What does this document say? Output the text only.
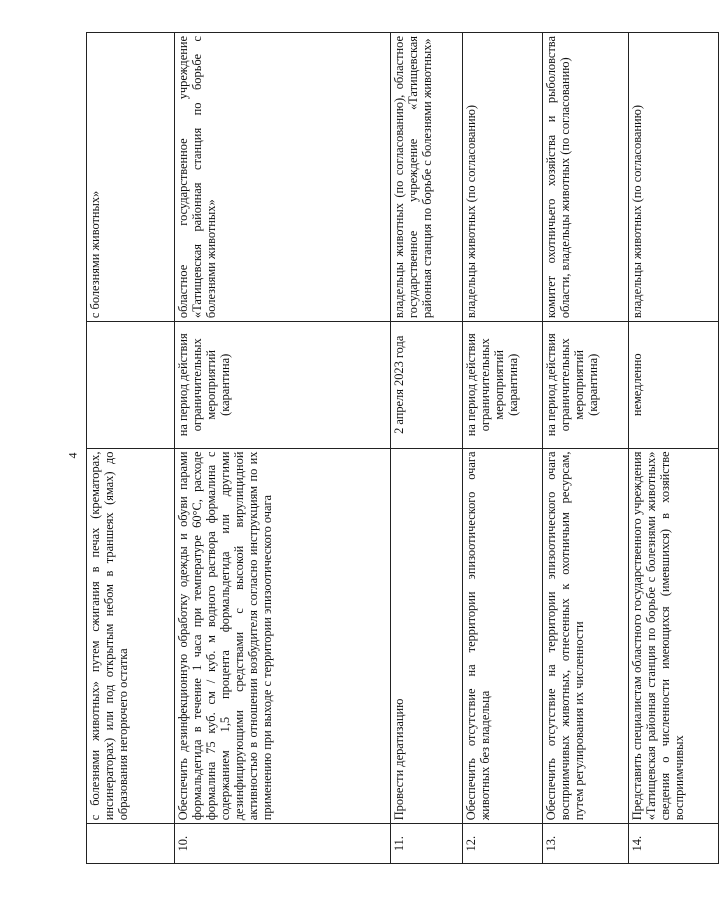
4
	с болезнями животных» путем сжигания в печах (крематорах, инсинераторах) или под открытым небом в траншеях (ямах) до образования негорючего остатка		с болезнями животных»
10.	Обеспечить дезинфекционную обработку одежды и обуви парами формальдегида в течение 1 часа при температуре 60°С, расходе формалина 75 куб. см / куб. м водного раствора формалина с содержанием 1,5 процента формальдегида или другими дезинфицирующими средствами с высокой вирулицидной активностью в отношении возбудителя согласно инструкциям по их применению при выходе с территории эпизоотического очага	на период действия ограничительных мероприятий (карантина)	областное государственное учреждение «Татищевская районная станция по борьбе с болезнями животных»
11.	Провести дератизацию	2 апреля 2023 года	владельцы животных (по согласованию), областное государственное учреждение «Татищевская районная станция по борьбе с болезнями животных»
12.	Обеспечить отсутствие на территории эпизоотического очага животных без владельца	на период действия ограничительных мероприятий (карантина)	владельцы животных (по согласованию)
13.	Обеспечить отсутствие на территории эпизоотического очага восприимчивых животных, отнесенных к охотничьим ресурсам, путем регулирования их численности	на период действия ограничительных мероприятий (карантина)	комитет охотничьего хозяйства и рыболовства области, владельцы животных (по согласованию)
14.	Представить специалистам областного государственного учреждения «Татищевская районная станция по борьбе с болезнями животных» сведения о численности имеющихся (имевшихся) в хозяйстве восприимчивых	немедленно	владельцы животных (по согласованию)
